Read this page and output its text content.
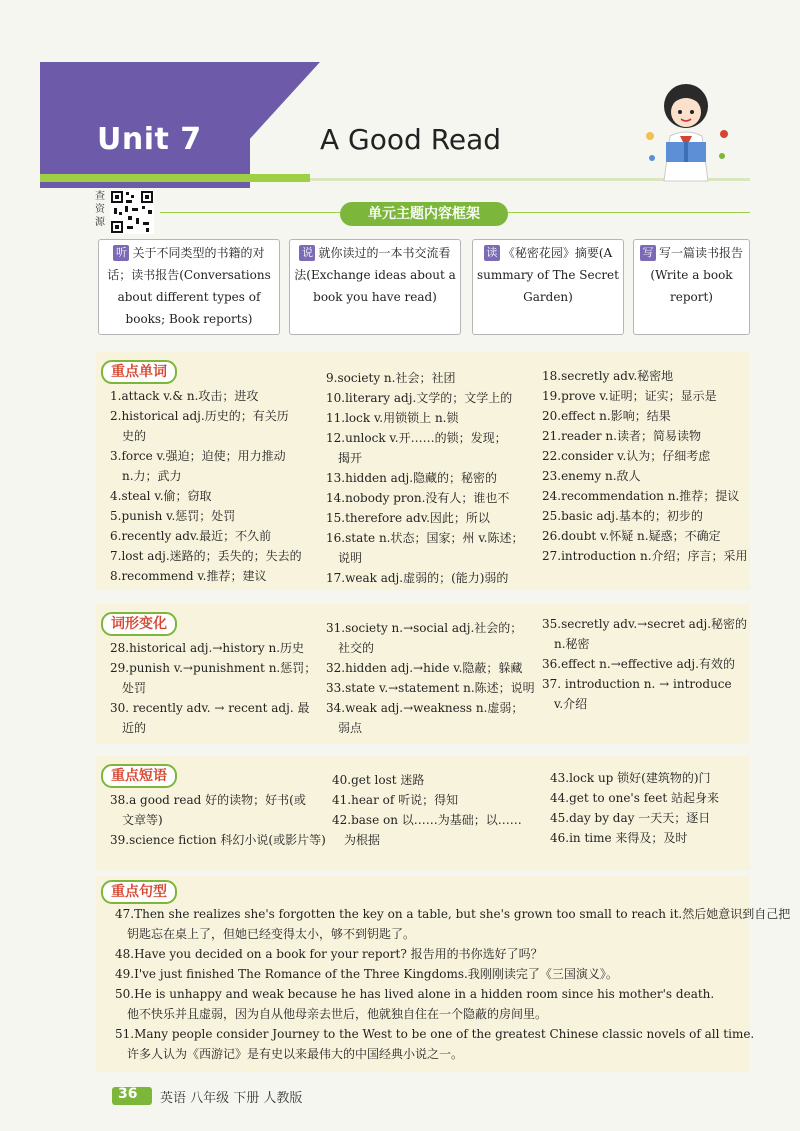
Unit 7	A Good Read
查资源
单元主题内容框架
听 关于不同类型的书籍的对话；读书报告(Conversations about different types of books; Book reports)
说 就你读过的一本书交流看法(Exchange ideas about a book you have read)
读 《秘密花园》摘要(A summary of The Secret Garden)
写 写一篇读书报告(Write a book report)
重点单词
1.attack v.& n.攻击；进攻
2.historical adj.历史的；有关历
史的
3.force v.强迫；迫使；用力推动
n.力；武力
4.steal v.偷；窃取
5.punish v.惩罚；处罚
6.recently adv.最近；不久前
7.lost adj.迷路的；丢失的；失去的
8.recommend v.推荐；建议
9.society n.社会；社团
10.literary adj.文学的；文学上的
11.lock v.用锁锁上 n.锁
12.unlock v.开……的锁；发现；
揭开
13.hidden adj.隐藏的；秘密的
14.nobody pron.没有人；谁也不
15.therefore adv.因此；所以
16.state n.状态；国家；州 v.陈述；
说明
17.weak adj.虚弱的；(能力)弱的
18.secretly adv.秘密地
19.prove v.证明；证实；显示是
20.effect n.影响；结果
21.reader n.读者；简易读物
22.consider v.认为；仔细考虑
23.enemy n.敌人
24.recommendation n.推荐；提议
25.basic adj.基本的；初步的
26.doubt v.怀疑 n.疑惑；不确定
27.introduction n.介绍；序言；采用
词形变化
28.historical adj.→history n.历史
29.punish v.→punishment n.惩罚；
处罚
30. recently adv. → recent adj. 最
近的
31.society n.→social adj.社会的；
社交的
32.hidden adj.→hide v.隐蔽；躲藏
33.state v.→statement n.陈述；说明
34.weak adj.→weakness n.虚弱；
弱点
35.secretly adv.→secret adj.秘密的
n.秘密
36.effect n.→effective adj.有效的
37. introduction n. → introduce
v.介绍
重点短语
38.a good read 好的读物；好书(或
文章等)
39.science fiction 科幻小说(或影片等)
40.get lost 迷路
41.hear of 听说；得知
42.base on 以……为基础；以……
为根据
43.lock up 锁好(建筑物的)门
44.get to one's feet 站起身来
45.day by day 一天天；逐日
46.in time 来得及；及时
重点句型
47.Then she realizes she's forgotten the key on a table, but she's grown too small to reach it.然后她意识到自己把
钥匙忘在桌上了，但她已经变得太小，够不到钥匙了。
48.Have you decided on a book for your report? 报告用的书你选好了吗？
49.I've just finished The Romance of the Three Kingdoms.我刚刚读完了《三国演义》。
50.He is unhappy and weak because he has lived alone in a hidden room since his mother's death.
他不快乐并且虚弱，因为自从他母亲去世后，他就独自住在一个隐蔽的房间里。
51.Many people consider Journey to the West to be one of the greatest Chinese classic novels of all time.
许多人认为《西游记》是有史以来最伟大的中国经典小说之一。
36 英语 八年级 下册 人教版
